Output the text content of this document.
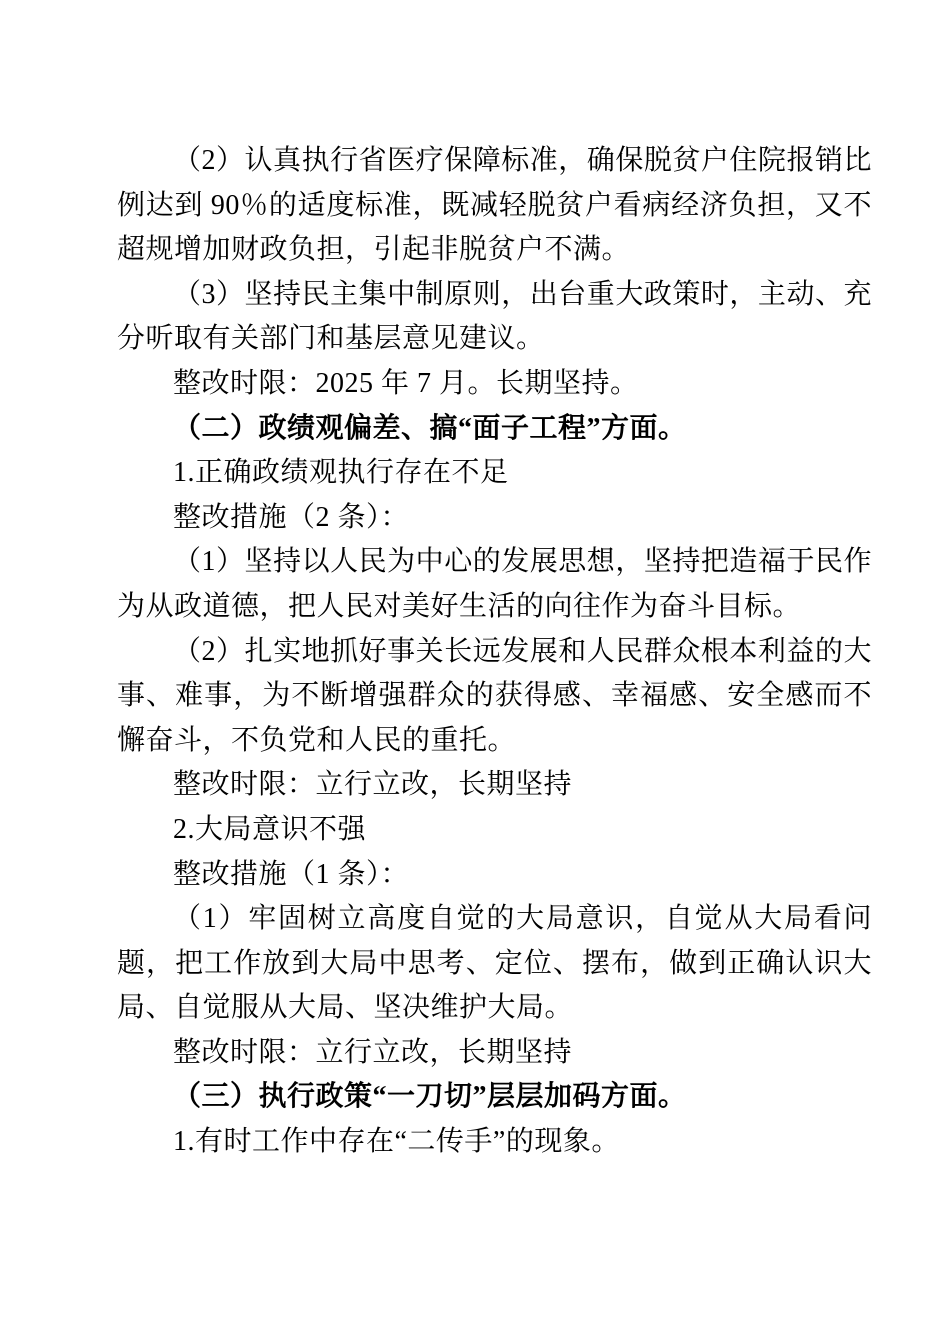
（2）认真执行省医疗保障标准，确保脱贫户住院报销比例达到 90％的适度标准，既减轻脱贫户看病经济负担，又不超规增加财政负担，引起非脱贫户不满。

（3）坚持民主集中制原则，出台重大政策时，主动、充分听取有关部门和基层意见建议。

整改时限：2025 年 7 月。长期坚持。

（二）政绩观偏差、搞“面子工程”方面。

1.正确政绩观执行存在不足

整改措施（2 条）：

（1）坚持以人民为中心的发展思想，坚持把造福于民作为从政道德，把人民对美好生活的向往作为奋斗目标。

（2）扎实地抓好事关长远发展和人民群众根本利益的大事、难事，为不断增强群众的获得感、幸福感、安全感而不懈奋斗，不负党和人民的重托。

整改时限：立行立改，长期坚持

2.大局意识不强

整改措施（1 条）：

（1）牢固树立高度自觉的大局意识，自觉从大局看问题，把工作放到大局中思考、定位、摆布，做到正确认识大局、自觉服从大局、坚决维护大局。

整改时限：立行立改，长期坚持

（三）执行政策“一刀切”层层加码方面。

1.有时工作中存在“二传手”的现象。
